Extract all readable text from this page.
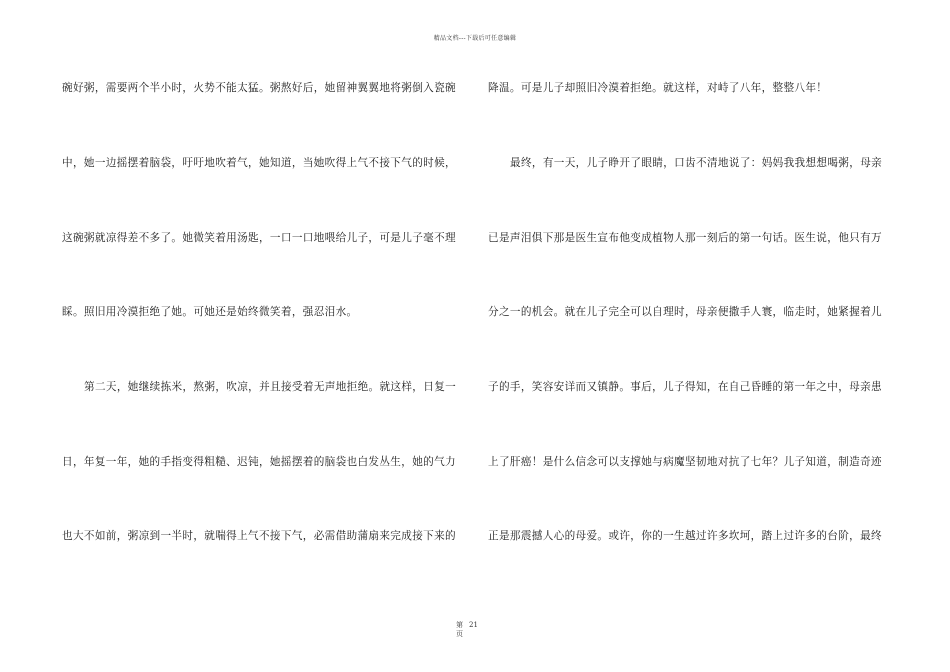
精品文档---下载后可任意编辑
碗好粥，需要两个半小时，火势不能太猛。粥熬好后，她留神翼翼地将粥倒入瓷碗
中，她一边摇摆着脑袋，吁吁地吹着气，她知道，当她吹得上气不接下气的时候，
这碗粥就凉得差不多了。她微笑着用汤匙，一口一口地喂给儿子，可是儿子毫不理
睬。照旧用冷漠拒绝了她。可她还是始终微笑着，强忍泪水。
第二天，她继续拣米，熬粥，吹凉，并且接受着无声地拒绝。就这样，日复一
日，年复一年，她的手指变得粗糙、迟钝，她摇摆着的脑袋也白发丛生，她的气力
也大不如前，粥凉到一半时，就喘得上气不接下气，必需借助蒲扇来完成接下来的
降温。可是儿子却照旧冷漠着拒绝。就这样，对峙了八年，整整八年！
最终，有一天，儿子睁开了眼睛，口齿不清地说了：妈妈我我想想喝粥，母亲
已是声泪俱下那是医生宣布他变成植物人那一刻后的第一句话。医生说，他只有万
分之一的机会。就在儿子完全可以自理时，母亲便撒手人寰，临走时，她紧握着儿
子的手，笑容安详而又镇静。事后，儿子得知，在自己昏睡的第一年之中，母亲患
上了肝癌！是什么信念可以支撑她与病魔坚韧地对抗了七年？儿子知道，制造奇迹
正是那震撼人心的母爱。或许，你的一生越过许多坎坷，踏上过许多的台阶，最终
第 21
页
